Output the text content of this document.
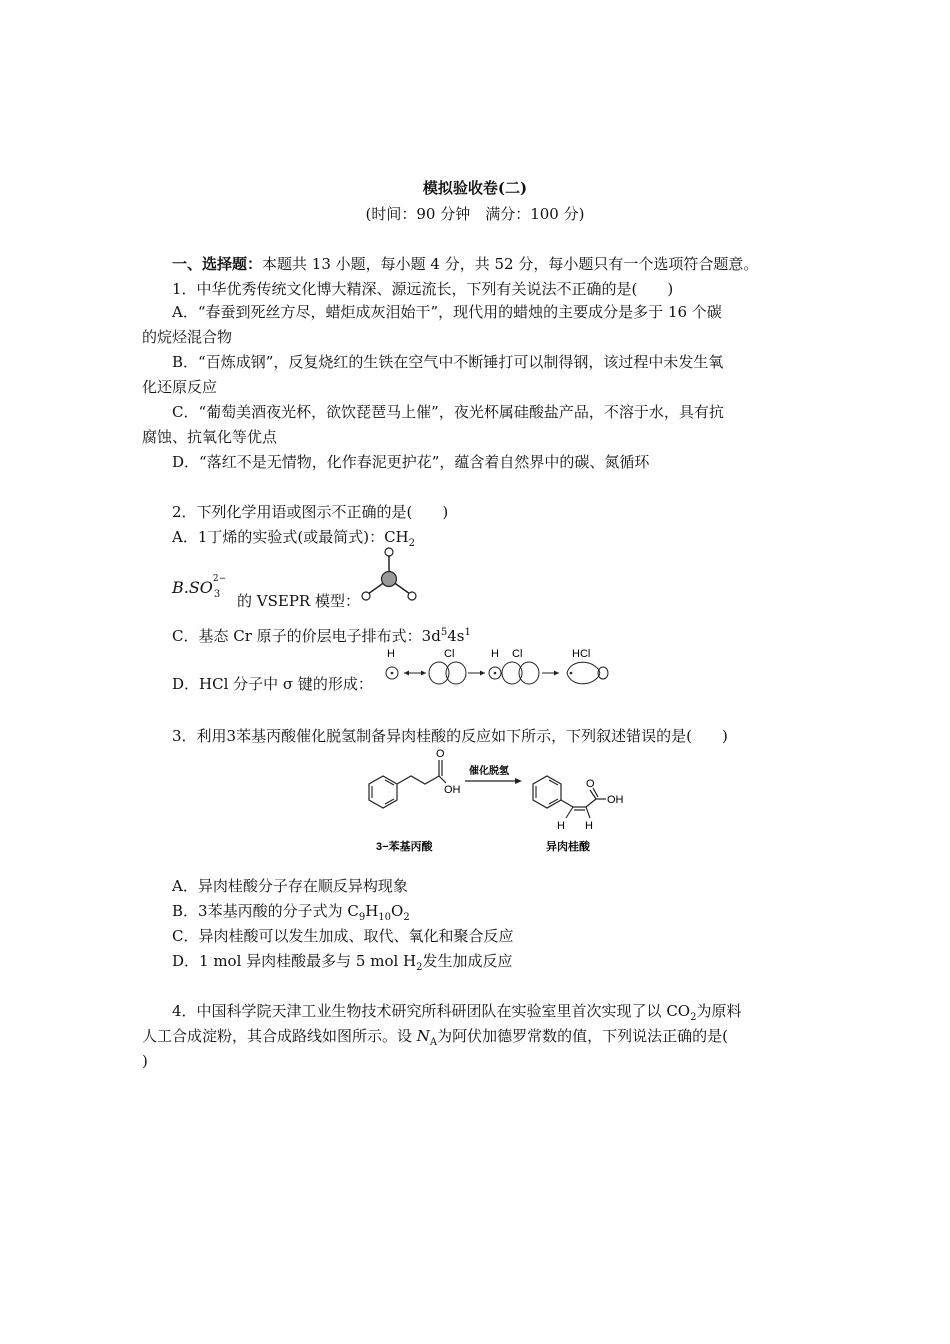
模拟验收卷(二)
(时间：90 分钟　满分：100 分)
一、选择题：本题共 13 小题，每小题 4 分，共 52 分，每小题只有一个选项符合题意。
1．中华优秀传统文化博大精深、源远流长，下列有关说法不正确的是(　　)
A．“春蚕到死丝方尽，蜡炬成灰泪始干”，现代用的蜡烛的主要成分是多于 16 个碳
的烷烃混合物
B．“百炼成钢”，反复烧红的生铁在空气中不断锤打可以制得钢，该过程中未发生氧
化还原反应
C．“葡萄美酒夜光杯，欲饮琵琶马上催”，夜光杯属硅酸盐产品，不溶于水，具有抗
腐蚀、抗氧化等优点
D．“落红不是无情物，化作春泥更护花”，蕴含着自然界中的碳、氮循环
2．下列化学用语或图示不正确的是(　　)
A．1丁烯的实验式(或最简式)：$CH_2$
B.SO 2−
3 的 VSEPR 模型：
C．基态 Cr 原子的价层电子排布式：$3d^54s^1$
D．HCl 分子中 σ 键的形成：
H	Cl	H Cl	HCl
3．利用3苯基丙酸催化脱氢制备异肉桂酸的反应如下所示，下列叙述错误的是(　　)
O
OH
催化脱氢
O
OH
H H
3−苯基丙酸	异肉桂酸
A．异肉桂酸分子存在顺反异构现象
B．3苯基丙酸的分子式为 $C_9H_{10}O_2$
C．异肉桂酸可以发生加成、取代、氧化和聚合反应
D．1 mol 异肉桂酸最多与 5 mol $H_2$发生加成反应
4．中国科学院天津工业生物技术研究所科研团队在实验室里首次实现了以 $CO_2$为原料
人工合成淀粉，其合成路线如图所示。设 $N_A$为阿伏加德罗常数的值，下列说法正确的是(
)
